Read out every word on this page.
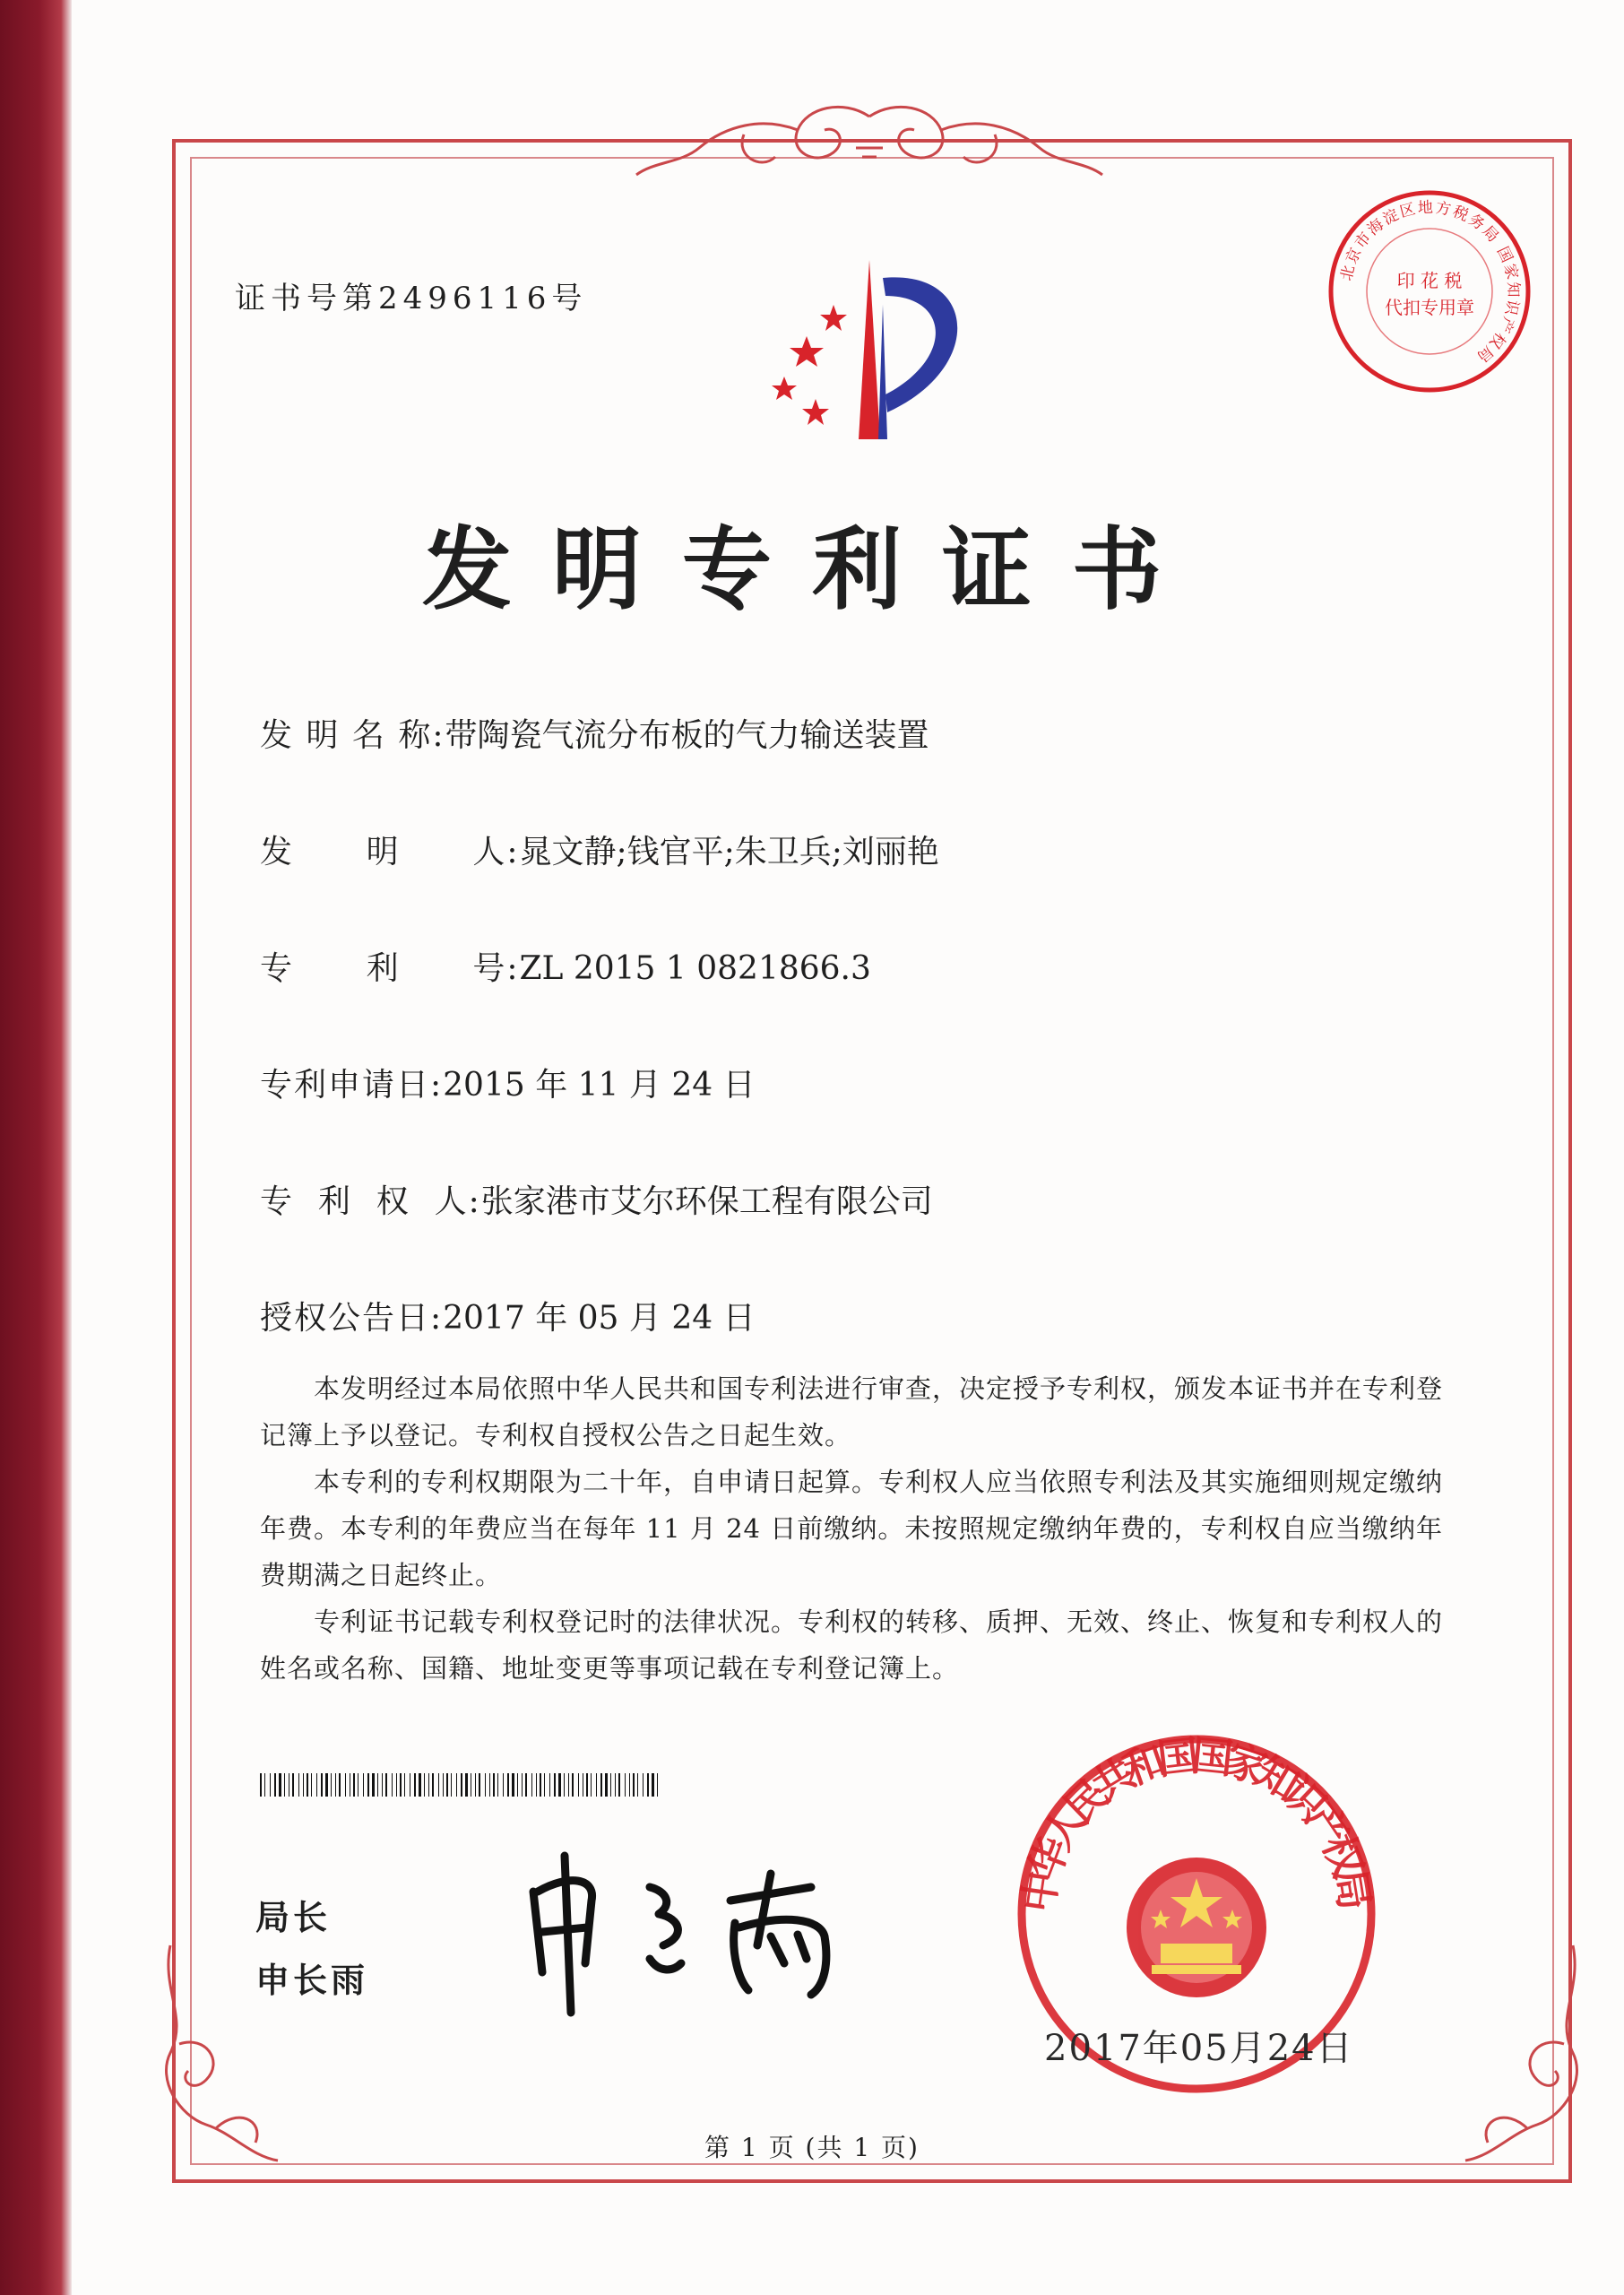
证书号第2496116号
北京市海淀区地方税务局 国家知识产权局
印 花 税
代扣专用章
发明专利证书
发 明 名 称:带陶瓷气流分布板的气力输送装置
发      明      人:晁文静;钱官平;朱卫兵;刘丽艳
专      利      号:ZL 2015 1 0821866.3
专利申请日:2015 年 11 月 24 日
专  利  权  人:张家港市艾尔环保工程有限公司
授权公告日:2017 年 05 月 24 日
　　本发明经过本局依照中华人民共和国专利法进行审查，决定授予专利权，颁发本证书并在专利登记簿上予以登记。专利权自授权公告之日起生效。
　　本专利的专利权期限为二十年，自申请日起算。专利权人应当依照专利法及其实施细则规定缴纳年费。本专利的年费应当在每年 11 月 24 日前缴纳。未按照规定缴纳年费的，专利权自应当缴纳年费期满之日起终止。
　　专利证书记载专利权登记时的法律状况。专利权的转移、质押、无效、终止、恢复和专利权人的姓名或名称、国籍、地址变更等事项记载在专利登记簿上。
局长
申长雨
中华人民共和国国家知识产权局
2017年05月24日
第 1 页 (共 1 页)
